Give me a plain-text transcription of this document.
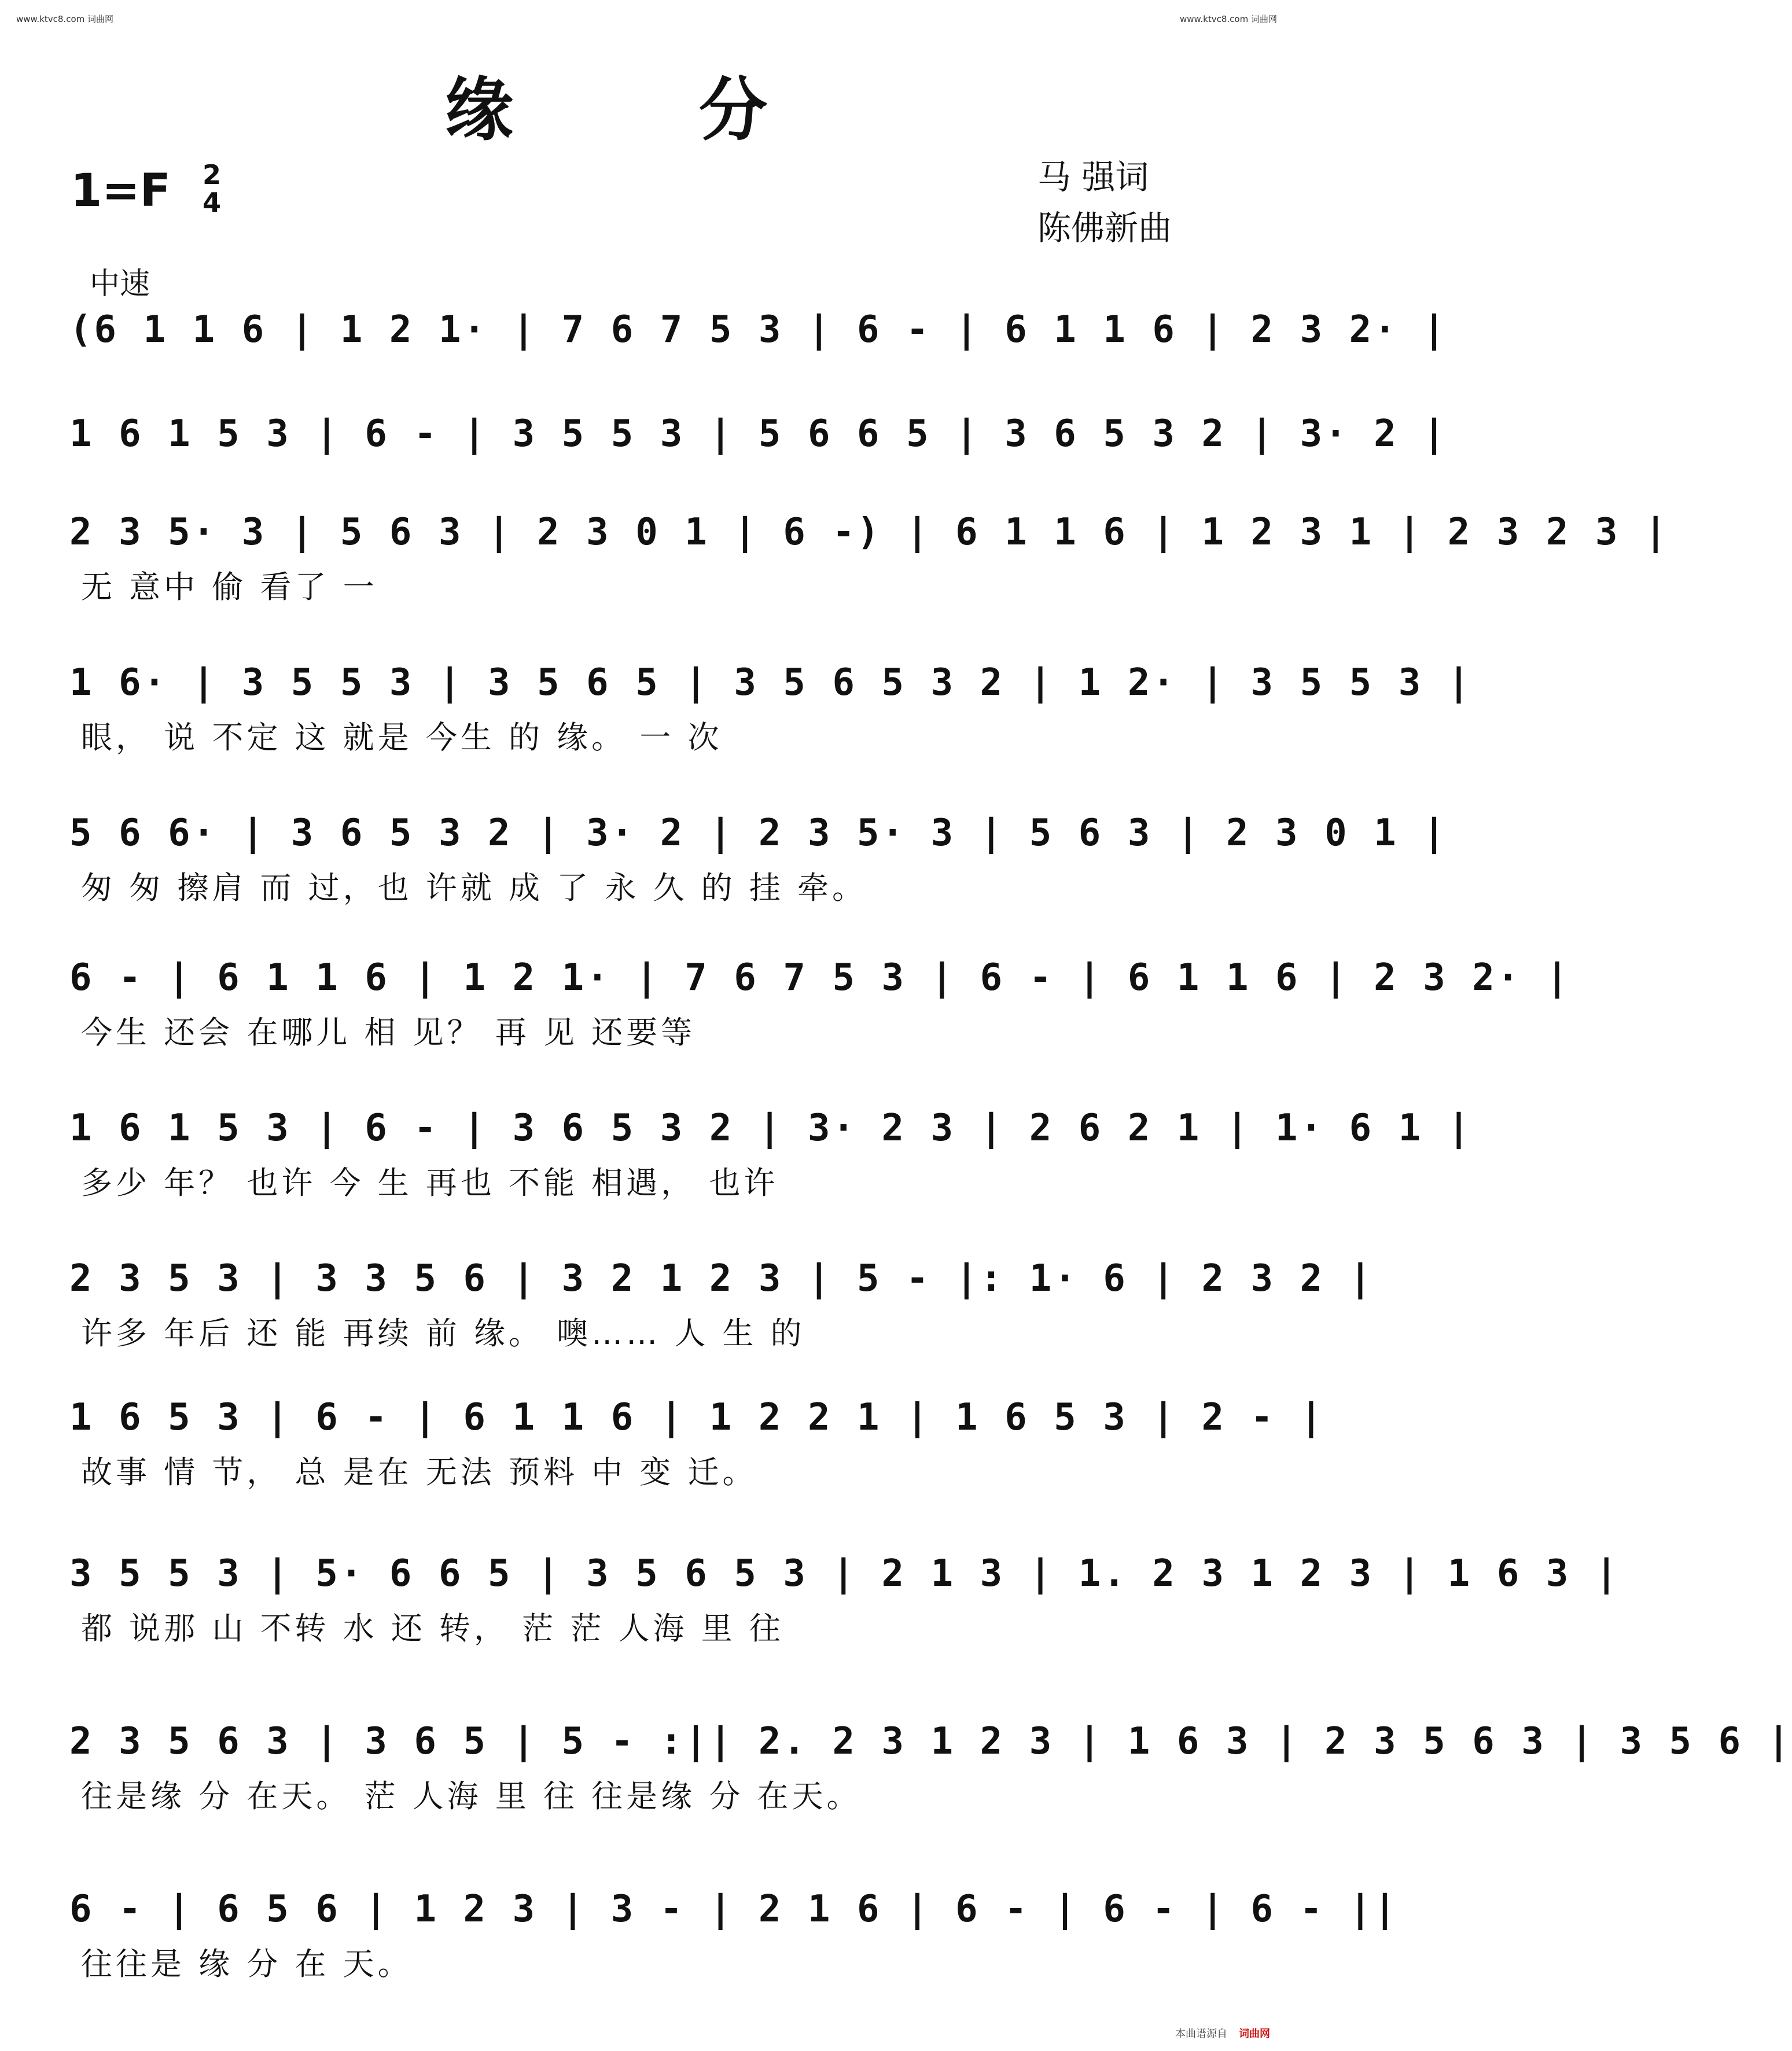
www.ktvc8.com 词曲网	www.ktvc8.com 词曲网
缘 分
1=F 2
4
马 强词
陈佛新曲
中速
(6 1 1 6 | 1 2 1· | 7 6 7 5 3 | 6 - | 6 1 1 6 | 2 3 2· |
1 6 1 5 3 | 6 - | 3 5 5 3 | 5 6 6 5 | 3 6 5 3 2 | 3· 2 |
2 3 5· 3 | 5 6 3 | 2 3 0 1 | 6 -) | 6 1 1 6 | 1 2 3 1 | 2 3 2 3 |
无 意中 偷 看了 一
1 6· | 3 5 5 3 | 3 5 6 5 | 3 5 6 5 3 2 | 1 2· | 3 5 5 3 |
眼， 说 不定 这 就是 今生 的 缘。 一 次
5 6 6· | 3 6 5 3 2 | 3· 2 | 2 3 5· 3 | 5 6 3 | 2 3 0 1 |
匆 匆 擦肩 而 过，也 许就 成 了 永 久 的 挂 牵。
6 - | 6 1 1 6 | 1 2 1· | 7 6 7 5 3 | 6 - | 6 1 1 6 | 2 3 2· |
今生 还会 在哪儿 相 见？ 再 见 还要等
1 6 1 5 3 | 6 - | 3 6 5 3 2 | 3· 2 3 | 2 6 2 1 | 1· 6 1 |
多少 年？ 也许 今 生 再也 不能 相遇， 也许
2 3 5 3 | 3 3 5 6 | 3 2 1 2 3 | 5 - |: 1· 6 | 2 3 2 |
许多 年后 还 能 再续 前 缘。 噢…… 人 生 的
1 6 5 3 | 6 - | 6 1 1 6 | 1 2 2 1 | 1 6 5 3 | 2 - |
故事 情 节， 总 是在 无法 预料 中 变 迁。
3 5 5 3 | 5· 6 6 5 | 3 5 6 5 3 | 2 1 3 | 1. 2 3 1 2 3 | 1 6 3 |
都 说那 山 不转 水 还 转， 茫 茫 人海 里 往
2 3 5 6 3 | 3 6 5 | 5 - :|| 2. 2 3 1 2 3 | 1 6 3 | 2 3 5 6 3 | 3 5 6 |
往是缘 分 在天。 茫 人海 里 往 往是缘 分 在天。
6 - | 6 5 6 | 1 2 3 | 3 - | 2 1 6 | 6 - | 6 - | 6 - ||
往往是 缘 分 在 天。
本曲谱源自 词曲网
